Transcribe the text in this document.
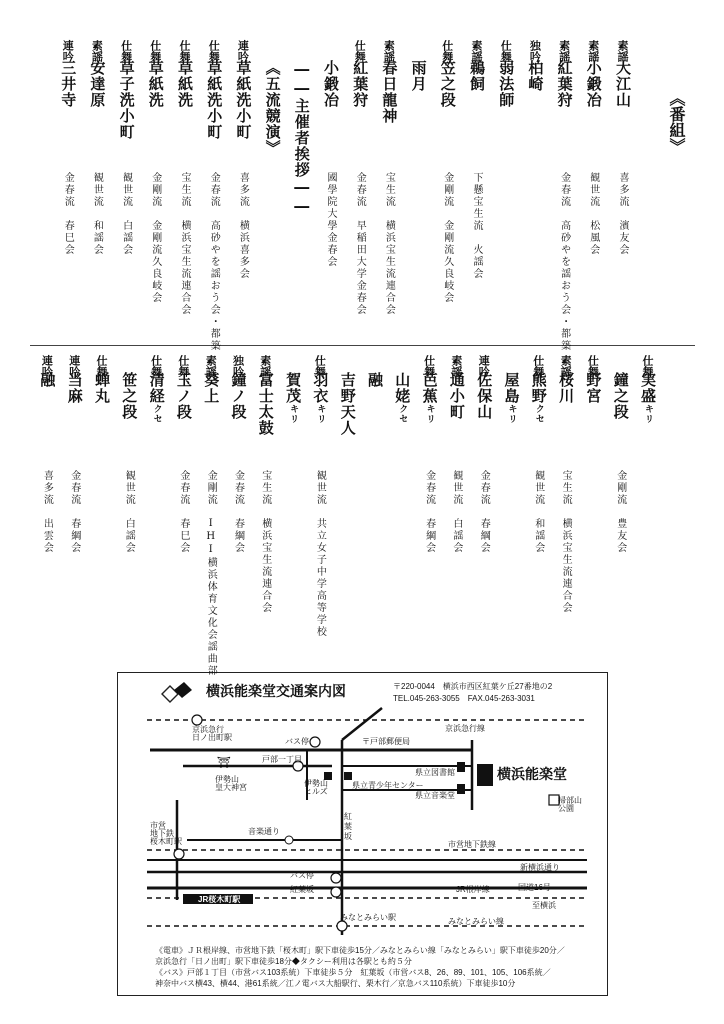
横浜能楽堂交通案内図	〒220-0044　横浜市西区紅葉ケ丘27番地の2
TEL.045-263-3055　FAX.045-263-3031
⛩
京浜急行
日ノ出町駅
京浜急行線
バス停	〒戸部郵便局
戸部一丁目
伊勢山
皇大神宮	伊勢山
ヒルズ
県立図書館
県立青少年センター
県立音楽堂
横浜能楽堂
掃部山
公園
音楽通り
紅 葉 坂
市営
地下鉄
桜木町駅	市営地下鉄線
新横浜通り
バス停
紅葉坂	JR根岸線	国道16号
JR桜木町駅
至横浜
みなとみらい駅	みなとみらい線
《電車》ＪＲ根岸線、市営地下鉄「桜木町」駅下車徒歩15分／みなとみらい線「みなとみらい」駅下車徒歩20分／
京浜急行「日ノ出町」駅下車徒歩18分◆タクシー利用は各駅とも約５分
《バス》戸部１丁目（市営バス103系統）下車徒歩５分　紅葉坂（市営バス8、26、89、101、105、106系統／
神奈中バス横43、横44、港61系統／江ノ電バス大船駅行、栗木行／京急バス110系統）下車徒歩10分
《番組》
素謡
大江山
喜多流　濱友会
素謡
小鍛冶
観世流　松風会
素謡
紅葉狩
金春流　高砂やを謡おう会・都築
独吟
柏崎
仕舞
弱法師
素謡
鵜飼
下懸宝生流　火謡会
仕舞
笠之段
金剛流　金剛流久良岐会
雨月
素謡
春日龍神
宝生流　横浜宝生流連合会
仕舞
紅葉狩
金春流　早稲田大学金春会
小鍛冶
國學院大學金春会
――主催者挨拶――
《五流競演》
連吟
草紙洗小町
喜多流　横浜喜多会
仕舞
草紙洗小町
金春流　高砂やを謡おう会・都築
仕舞
草紙洗
宝生流　横浜宝生流連合会
仕舞
草紙洗
金剛流　金剛流久良岐会
仕舞
草子洗小町
観世流　白謡会
素謡
安達原
観世流　和謡会
連吟
三井寺
金春流　春巳会
仕舞
実盛キリ
鐘之段
金剛流　豊友会
仕舞
野宮
素謡
桜川
宝生流　横浜宝生流連合会
仕舞
熊野クセ
観世流　和謡会
屋島キリ
連吟
佐保山
金春流　春綱会
素謡
通小町
観世流　白謡会
仕舞
芭蕉キリ
金春流　春綱会
山姥クセ
融
吉野天人
仕舞
羽衣キリ
観世流　共立女子中学高等学校
賀茂キリ
素謡
富士太鼓
宝生流　横浜宝生流連合会
独吟
鐘ノ段
金春流　春綱会
素謡
葵上
金剛流　IHI横浜体育文化会謡曲部
仕舞
玉ノ段
金春流　春巳会
仕舞
清経クセ
笹之段
観世流　白謡会
仕舞
蝉丸
連吟
当麻
金春流　春綱会
連吟
融
喜多流　出雲会
